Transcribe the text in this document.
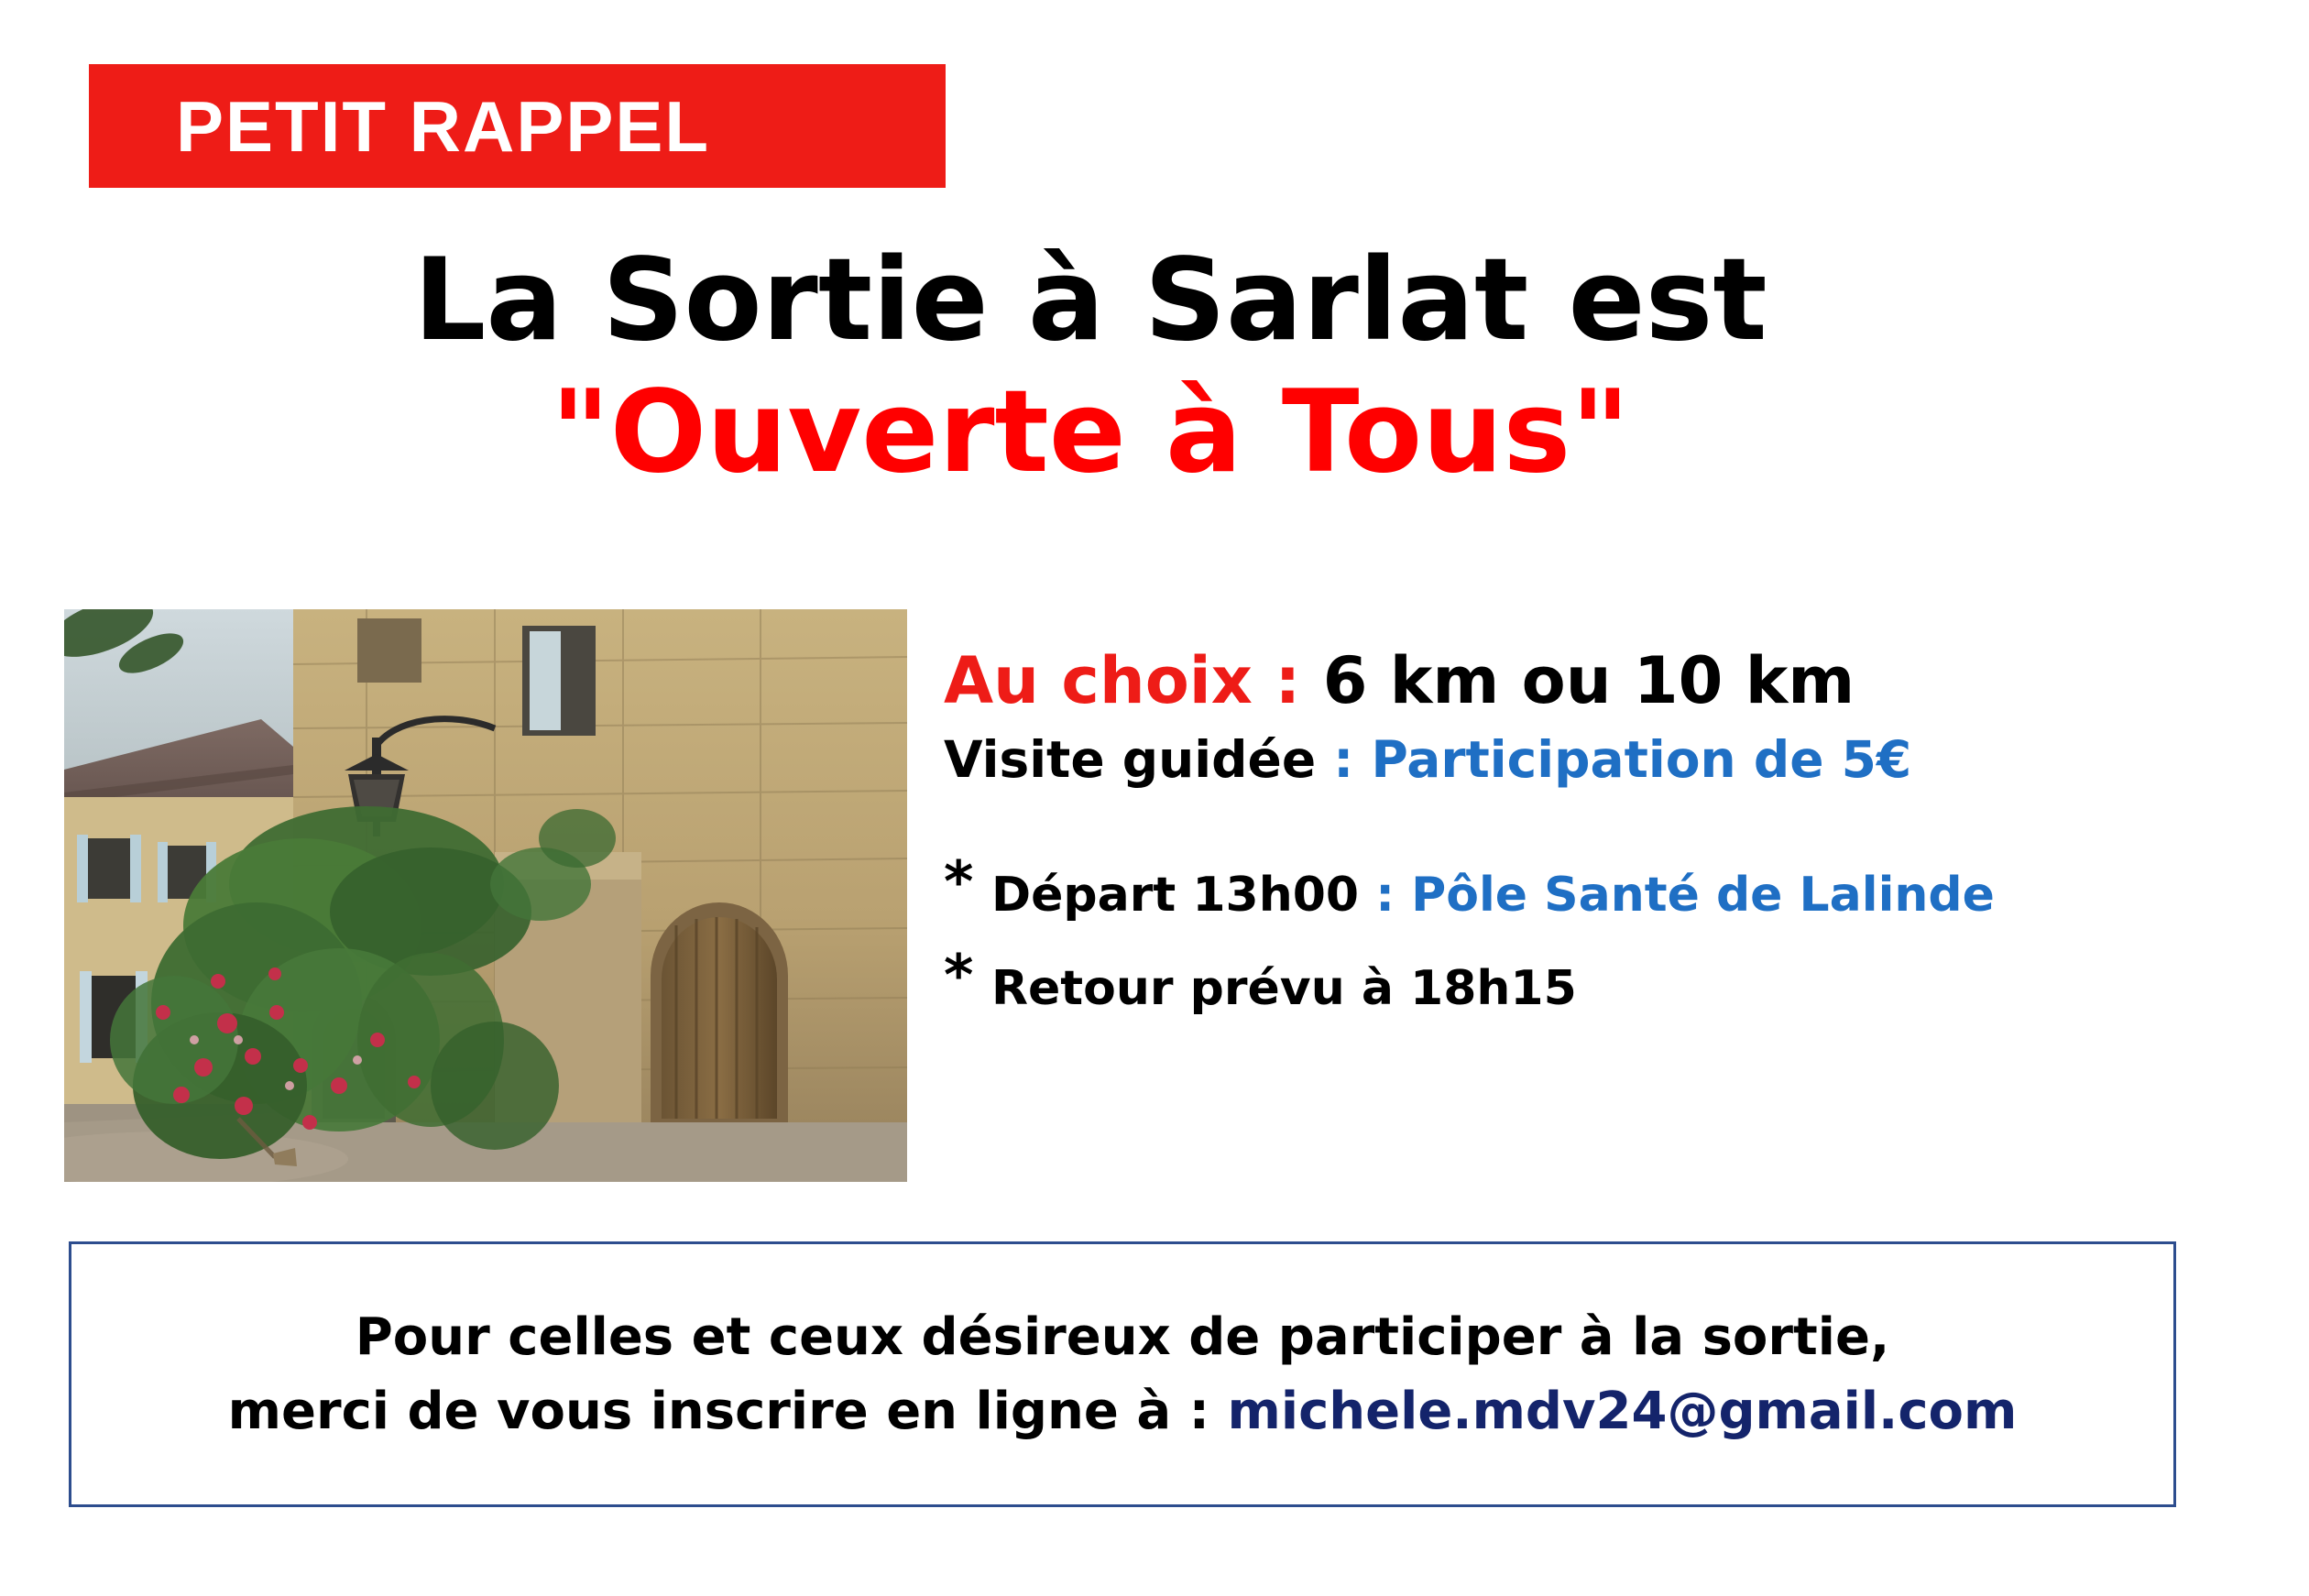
PETIT RAPPEL
La Sortie à Sarlat est
"Ouverte à Tous"
Au choix : 6 km ou 10 km
Visite guidée : Participation de 5€
* Départ 13h00 : Pôle Santé de Lalinde
* Retour prévu à 18h15
Pour celles et ceux désireux de participer à la sortie,
merci de vous inscrire en ligne à : michele.mdv24@gmail.com
